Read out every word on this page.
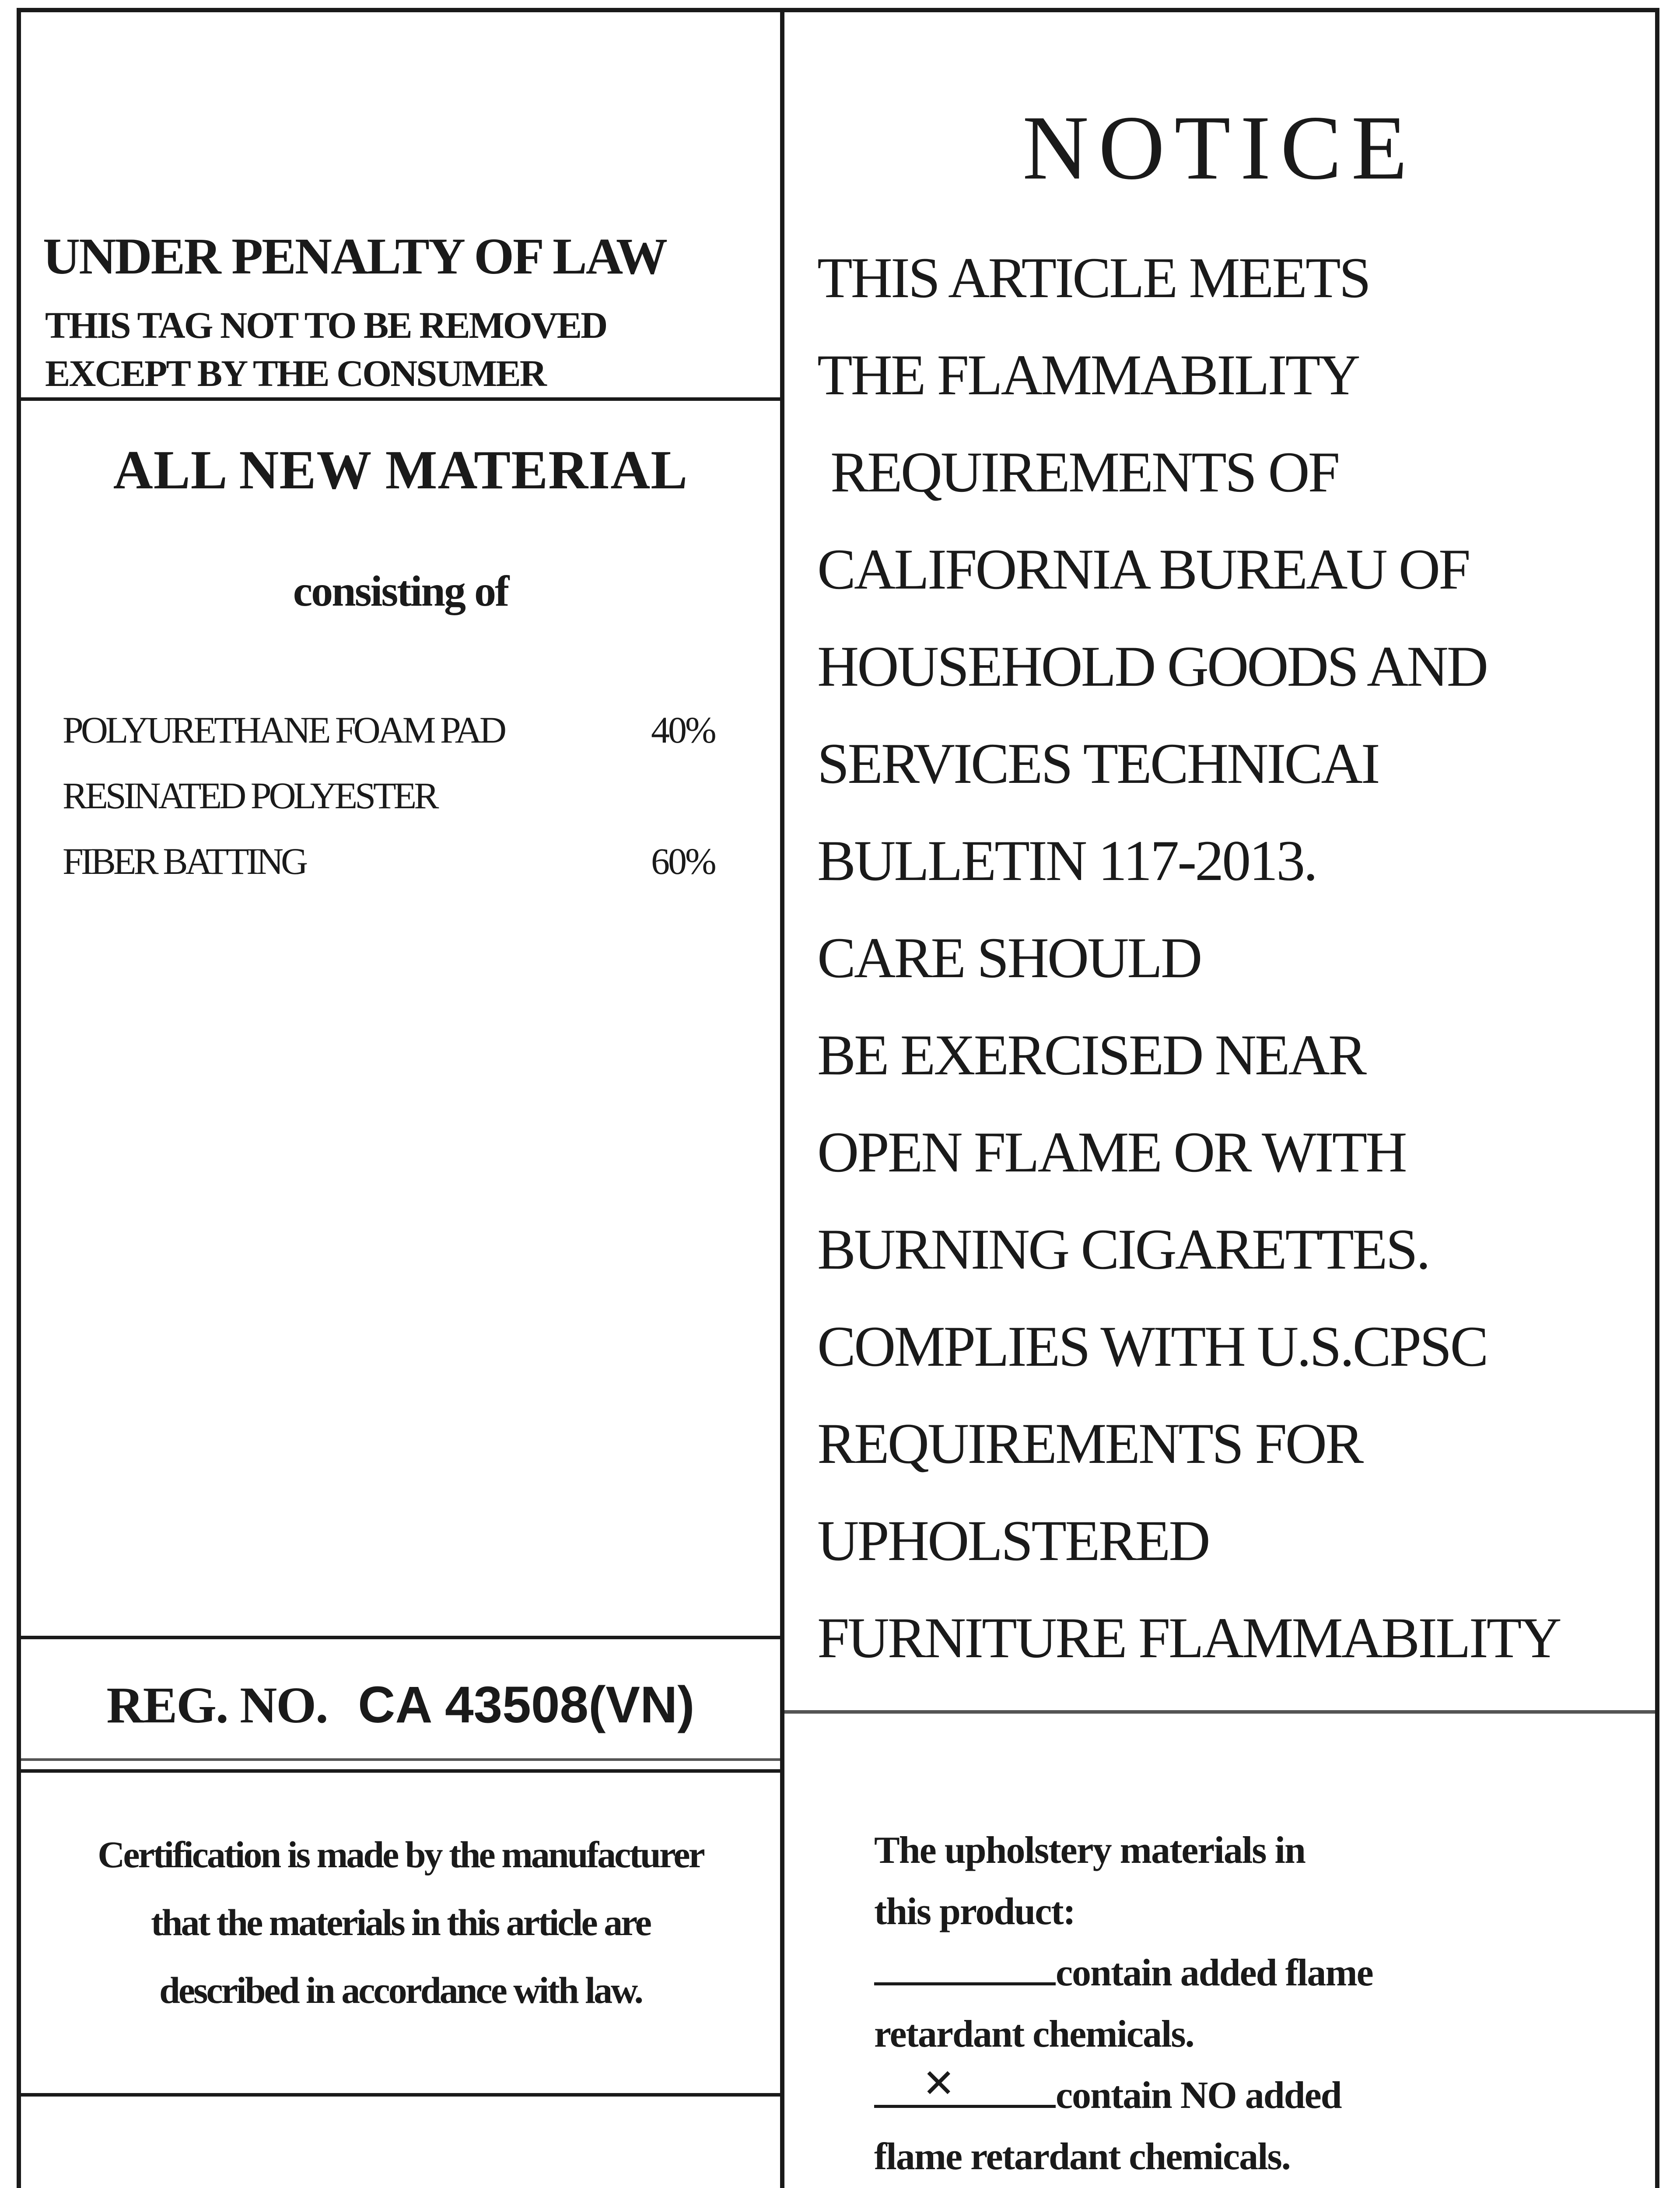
UNDER PENALTY OF LAW
THIS TAG NOT TO BE REMOVED
EXCEPT BY THE CONSUMER
ALL NEW MATERIAL
consisting of
POLYURETHANE FOAM PAD	40%
RESINATED POLYESTER
FIBER BATTING	60%
REG. NO. CA 43508(VN)
Certification is made by the manufacturer
that the materials in this article are
described in accordance with law.
NOTICE
THIS ARTICLE MEETS
THE FLAMMABILITY
REQUIREMENTS OF
CALIFORNIA BUREAU OF
HOUSEHOLD GOODS AND
SERVICES TECHNICAI
BULLETIN 117-2013.
CARE SHOULD
BE EXERCISED NEAR
OPEN FLAME OR WITH
BURNING CIGARETTES.
COMPLIES WITH U.S.CPSC
REQUIREMENTS FOR
UPHOLSTERED
FURNITURE FLAMMABILITY
The upholstery materials in
this product:
contain added flame
retardant chemicals.
✕	contain NO added
flame retardant chemicals.
